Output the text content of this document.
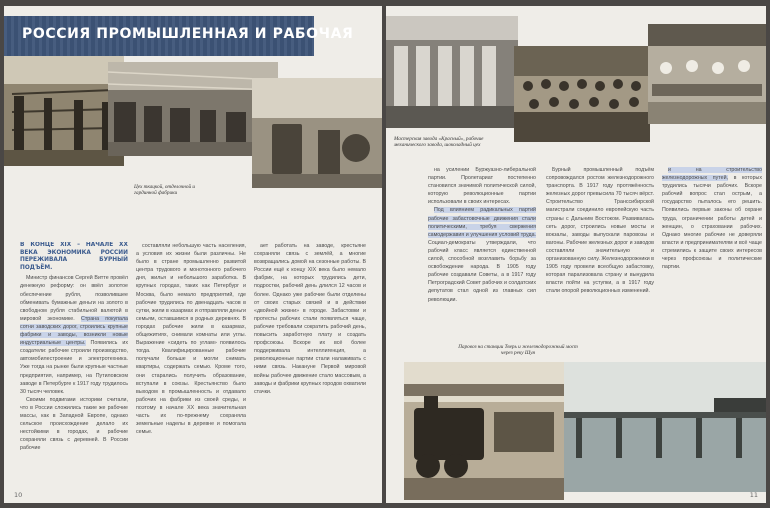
Цех ткацкой, отделочной и гардинной фабрики
РОССИЯ ПРОМЫШЛЕННАЯ И РАБОЧАЯ
В КОНЦЕ XIX – НАЧАЛЕ XX ВЕКА ЭКОНОМИКА РОССИИ ПЕРЕЖИВАЛА БУРНЫЙ ПОДЪЁМ.

Министр финансов Сергей Витте провёл денежную реформу: он ввёл золотое обеспечение рубля, позволившее обменивать бумажные деньги на золото в свободном рубля стабильной валютой в мировой экономике. Страна покупала сотни заводских дорог, строились крупные фабрики и заводы, возникли новые индустриальные центры. Появились их создатели: рабочие строили производство, автомобилестроение и электротехника. Уже тогда на рынке были крупные частные предприятия, например, на Путиловском заводе в Петербурге к 1917 году трудилось 30 тысяч человек.

Своими подвигами историки считали, что в России сложились такие же рабочие массы, как в Западной Европе, однако сельское происхождение делало их нестойкими в городах, и рабочие сохраняли связь с деревней. В России рабочие

составляли небольшую часть населения, а условия их жизни были различны. Не было в стране промышленно развитой центра трудового и монотонного рабочего дня, жилья и небольшого заработка. В крупных городах, таких как Петербург и Москва, было немало предприятий, где рабочие трудились по двенадцать часов в сутки, жили в казармах и отправляли деньги семьям, оставшимся в родных деревнях. В городах рабочие жили в казармах, общежитиях, снимали комнаты или углы. Выражение «сидеть по углам» появилось тогда. Квалифицированные рабочие получали больше и могли снимать квартиры, содержать семью. Кроме того, они старались получить образование, вступали в союзы. Крестьянство было выходом в промышленность и отдавало рабочих на фабрики из своей среды, и поэтому в начале XX века значительная часть их по-прежнему сохраняла земельные наделы в деревне и помогала семье.

ает работать на заводе, крестьяне сохраняли связь с землёй, а многие возвращались домой на сезонные работы. В России ещё к концу XIX века было немало фабрик, на которых трудились дети, подростки, рабочий день длился 12 часов и более. Однако уже рабочие были отделены от своих старых связей и в действии «двойной жизни» в городе. Забастовки и протесты рабочих стали появляться чаще, рабочие требовали сократить рабочий день, повысить заработную плату и создать профсоюзы. Вскоре их всё более поддерживала интеллигенция, а революционные партии стали налаживать с ними связь. Накануне Первой мировой войны рабочее движение стало массовым, а заводы и фабрики крупных городов охватили стачки.

10
Мастерская завода «Красный», рабочие механического завода, шоколадный цех

на усилении Буржуазно-либеральной партии. Пролетариат постепенно становился значимой политической силой, которую революционные партии использовали в своих интересах.

Под влиянием радикальных партий рабочие забастовочные движения стали политическими, требуя свержения самодержавия и улучшения условий труда. Социал-демократы утверждали, что рабочий класс является единственной силой, способной возглавить борьбу за освобождение народа. В 1905 году рабочие создавали Советы, а в 1917 году Петроградский Совет рабочих и солдатских депутатов стал одной из главных сил революции.

Бурный промышленный подъём сопровождался ростом железнодорожного транспорта. В 1917 году протяжённость железных дорог превысила 70 тысяч вёрст. Строительство Транссибирской магистрали соединило европейскую часть страны с Дальним Востоком. Развивалась сеть дорог, строились новые мосты и вокзалы, заводы выпускали паровозы и вагоны. Рабочие железных дорог и заводов составляли значительную и организованную силу. Железнодорожники в 1905 году провели всеобщую забастовку, которая парализовала страну и вынудила власти пойти на уступки, а в 1917 году стали опорой революционных изменений.

и на строительство железнодорожных путей, в которых трудились тысячи рабочих. Вскоре рабочий вопрос стал острым, а государство пыталось его решить. Появились первые законы об охране труда, ограничении работы детей и женщин, о страховании рабочих. Однако многие рабочие не доверяли власти и предпринимателям и всё чаще стремились к защите своих интересов через профсоюзы и политические партии.

Паровоз на станции Тверь и железнодорожный мост через реку Шуя
11
